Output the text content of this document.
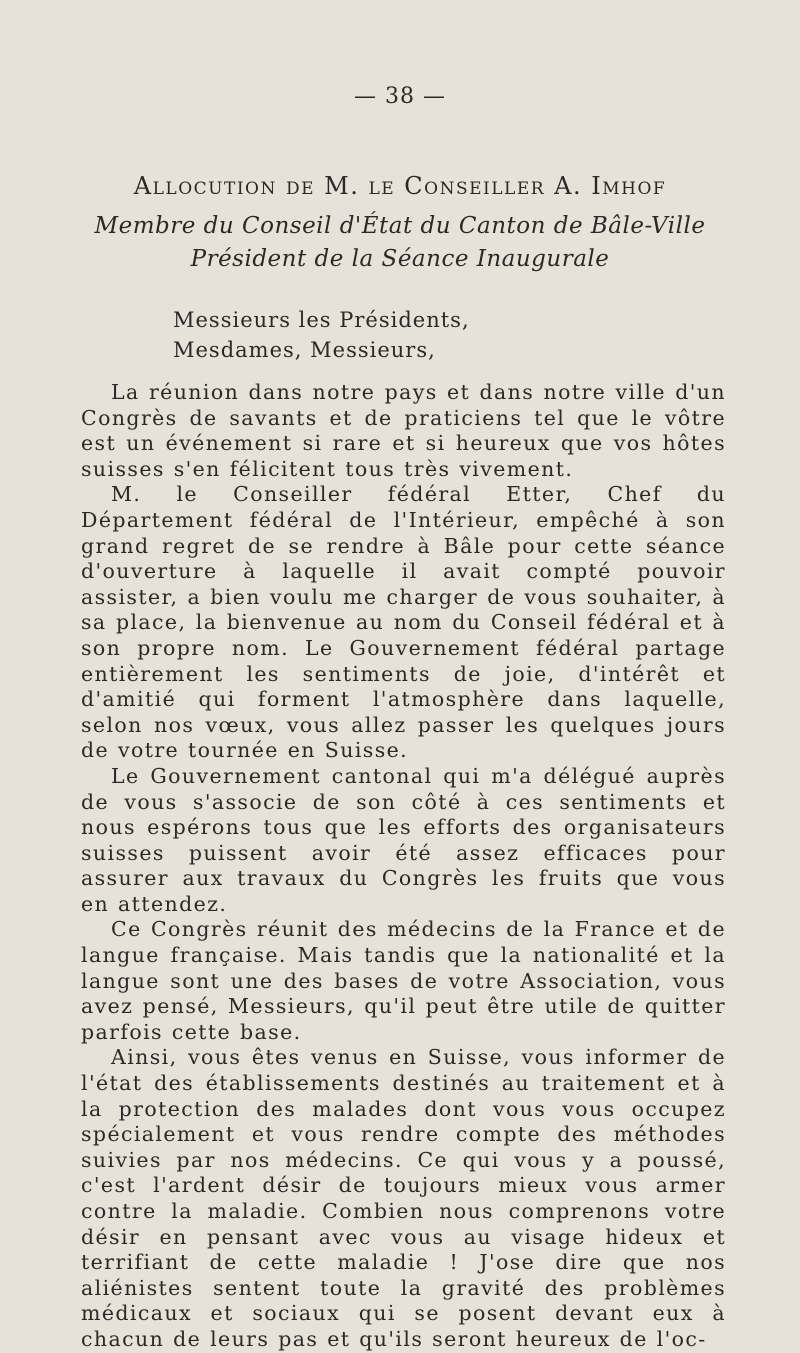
— 38 —
Allocution de M. le Conseiller A. Imhof
Membre du Conseil d'État du Canton de Bâle-Ville
Président de la Séance Inaugurale
Messieurs les Présidents,
Mesdames, Messieurs,

La réunion dans notre pays et dans notre ville d'un Congrès de savants et de praticiens tel que le vôtre est un événement si rare et si heureux que vos hôtes suisses s'en félicitent tous très vivement.

M. le Conseiller fédéral Etter, Chef du Département fédéral de l'Intérieur, empêché à son grand regret de se rendre à Bâle pour cette séance d'ouverture à laquelle il avait compté pouvoir assister, a bien voulu me charger de vous souhaiter, à sa place, la bienvenue au nom du Conseil fédéral et à son propre nom. Le Gouvernement fédéral partage entièrement les sentiments de joie, d'intérêt et d'amitié qui forment l'atmosphère dans laquelle, selon nos vœux, vous allez passer les quelques jours de votre tournée en Suisse.

Le Gouvernement cantonal qui m'a délégué auprès de vous s'associe de son côté à ces sentiments et nous espérons tous que les efforts des organisateurs suisses puissent avoir été assez efficaces pour assurer aux travaux du Congrès les fruits que vous en attendez.

Ce Congrès réunit des médecins de la France et de langue française. Mais tandis que la nationalité et la langue sont une des bases de votre Association, vous avez pensé, Messieurs, qu'il peut être utile de quitter parfois cette base.

Ainsi, vous êtes venus en Suisse, vous informer de l'état des établissements destinés au traitement et à la protection des malades dont vous vous occupez spécialement et vous rendre compte des méthodes suivies par nos médecins. Ce qui vous y a poussé, c'est l'ardent désir de toujours mieux vous armer contre la maladie. Combien nous comprenons votre désir en pensant avec vous au visage hideux et terrifiant de cette maladie ! J'ose dire que nos aliénistes sentent toute la gravité des problèmes médicaux et sociaux qui se posent devant eux à chacun de leurs pas et qu'ils seront heureux de l'oc-
